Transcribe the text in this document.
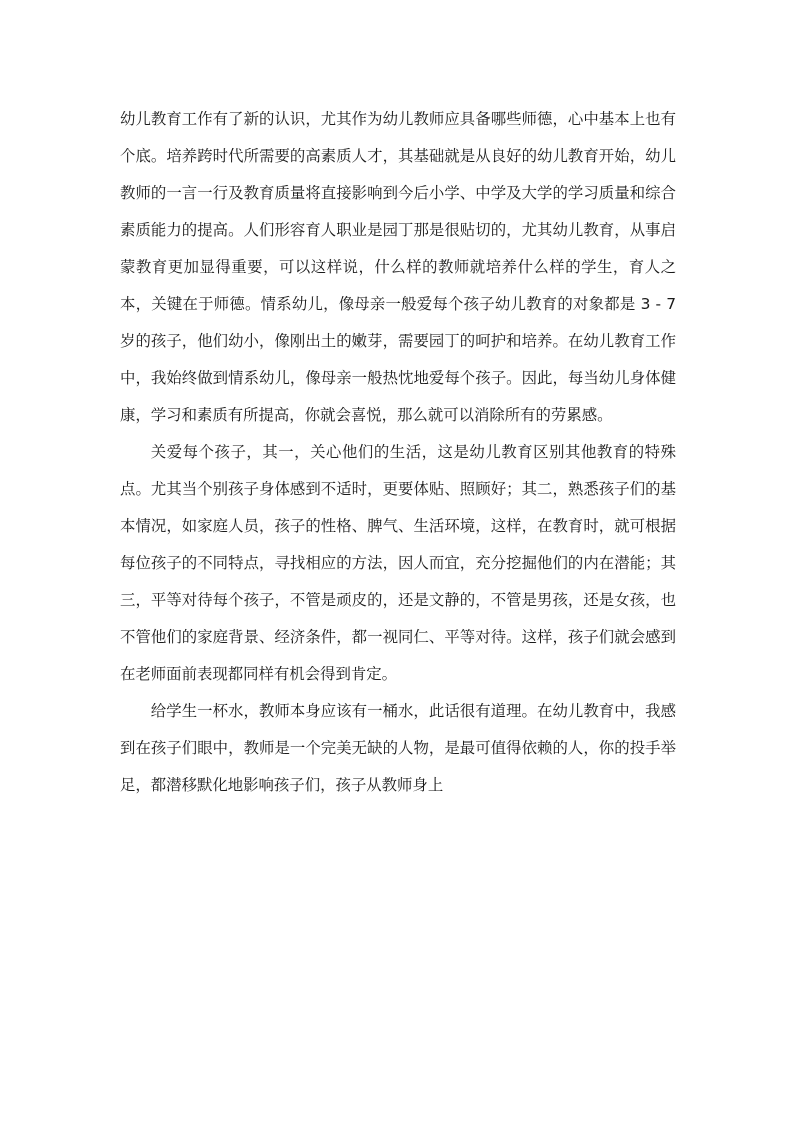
幼儿教育工作有了新的认识，尤其作为幼儿教师应具备哪些师德，心中基本上也有个底。培养跨时代所需要的高素质人才，其基础就是从良好的幼儿教育开始，幼儿教师的一言一行及教育质量将直接影响到今后小学、中学及大学的学习质量和综合素质能力的提高。人们形容育人职业是园丁那是很贴切的，尤其幼儿教育，从事启蒙教育更加显得重要，可以这样说，什么样的教师就培养什么样的学生，育人之本，关键在于师德。情系幼儿，像母亲一般爱每个孩子幼儿教育的对象都是 3 - 7 岁的孩子，他们幼小，像刚出土的嫩芽，需要园丁的呵护和培养。在幼儿教育工作中，我始终做到情系幼儿，像母亲一般热忱地爱每个孩子。因此，每当幼儿身体健康，学习和素质有所提高，你就会喜悦，那么就可以消除所有的劳累感。

关爱每个孩子，其一，关心他们的生活，这是幼儿教育区别其他教育的特殊点。尤其当个别孩子身体感到不适时，更要体贴、照顾好；其二，熟悉孩子们的基本情况，如家庭人员，孩子的性格、脾气、生活环境，这样，在教育时，就可根据每位孩子的不同特点，寻找相应的方法，因人而宜，充分挖掘他们的内在潜能；其三，平等对待每个孩子，不管是顽皮的，还是文静的，不管是男孩，还是女孩，也不管他们的家庭背景、经济条件，都一视同仁、平等对待。这样，孩子们就会感到在老师面前表现都同样有机会得到肯定。

给学生一杯水，教师本身应该有一桶水，此话很有道理。在幼儿教育中，我感到在孩子们眼中，教师是一个完美无缺的人物，是最可值得依赖的人，你的投手举足，都潜移默化地影响孩子们，孩子从教师身上
